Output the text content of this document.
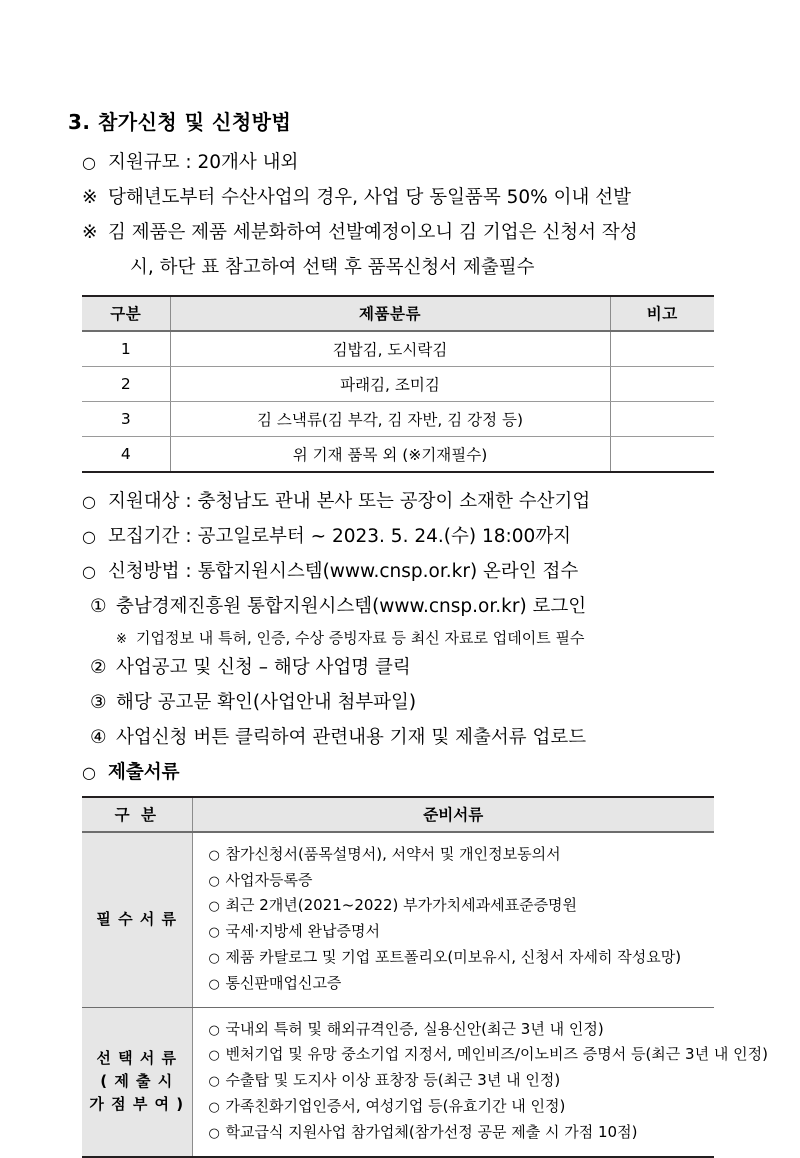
3. 참가신청 및 신청방법
○ 지원규모 : 20개사 내외
※ 당해년도부터 수산사업의 경우, 사업 당 동일품목 50% 이내 선발
※ 김 제품은 제품 세분화하여 선발예정이오니 김 기업은 신청서 작성
시, 하단 표 참고하여 선택 후 품목신청서 제출필수
구분	제품분류	비고
1	김밥김, 도시락김	
2	파래김, 조미김	
3	김 스낵류(김 부각, 김 자반, 김 강정 등)	
4	위 기재 품목 외 (※기재필수)	
○ 지원대상 : 충청남도 관내 본사 또는 공장이 소재한 수산기업
○ 모집기간 : 공고일로부터 ~ 2023. 5. 24.(수) 18:00까지
○ 신청방법 : 통합지원시스템(www.cnsp.or.kr) 온라인 접수
① 충남경제진흥원 통합지원시스템(www.cnsp.or.kr) 로그인
※ 기업정보 내 특허, 인증, 수상 증빙자료 등 최신 자료로 업데이트 필수
② 사업공고 및 신청 – 해당 사업명 클릭
③ 해당 공고문 확인(사업안내 첨부파일)
④ 사업신청 버튼 클릭하여 관련내용 기재 및 제출서류 업로드
○ 제출서류
구 분	준비서류
필 수 서 류	
○ 참가신청서(품목설명서), 서약서 및 개인정보동의서
○ 사업자등록증
○ 최근 2개년(2021~2022) 부가가치세과세표준증명원
○ 국세·지방세 완납증명서
○ 제품 카탈로그 및 기업 포트폴리오(미보유시, 신청서 자세히 작성요망)
○ 통신판매업신고증

선 택 서 류
( 제 출 시
가 점 부 여 )

○ 국내외 특허 및 해외규격인증, 실용신안(최근 3년 내 인정)
○ 벤처기업 및 유망 중소기업 지정서, 메인비즈/이노비즈 증명서 등(최근 3년 내 인정)
○ 수출탑 및 도지사 이상 표창장 등(최근 3년 내 인정)
○ 가족친화기업인증서, 여성기업 등(유효기간 내 인정)
○ 학교급식 지원사업 참가업체(참가선정 공문 제출 시 가점 10점)
